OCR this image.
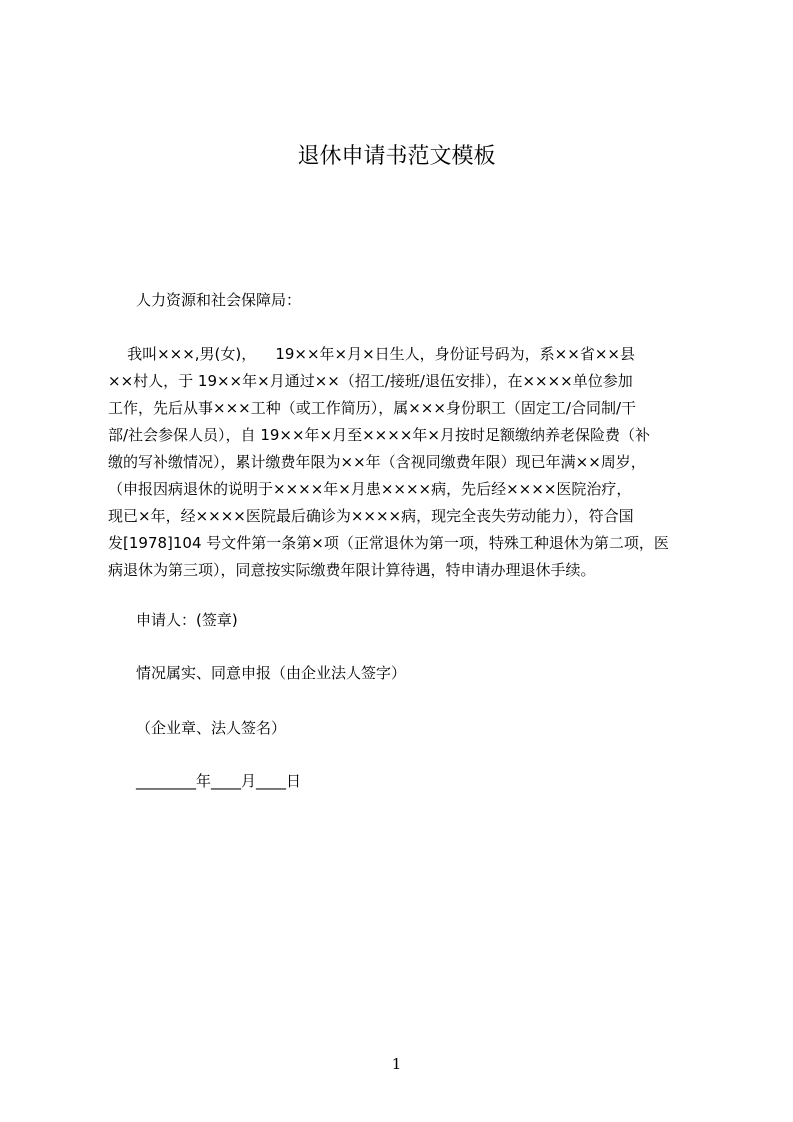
退休申请书范文模板
人力资源和社会保障局：
我叫×××,男(女)，    19××年×月×日生人，身份证号码为，系××省××县
××村人，于 19××年×月通过××（招工/接班/退伍安排），在××××单位参加
工作，先后从事×××工种（或工作简历），属×××身份职工（固定工/合同制/干
部/社会参保人员），自 19××年×月至××××年×月按时足额缴纳养老保险费（补
缴的写补缴情况），累计缴费年限为××年（含视同缴费年限）现已年满××周岁，
（申报因病退休的说明于××××年×月患××××病，先后经××××医院治疗，
现已×年，经××××医院最后确诊为××××病，现完全丧失劳动能力），符合国
发[1978]104 号文件第一条第×项（正常退休为第一项，特殊工种退休为第二项，医
病退休为第三项），同意按实际缴费年限计算待遇，特申请办理退休手续。
申请人：(签章)
情况属实、同意申报（由企业法人签字）
（企业章、法人签名）
________年____月____日
1
